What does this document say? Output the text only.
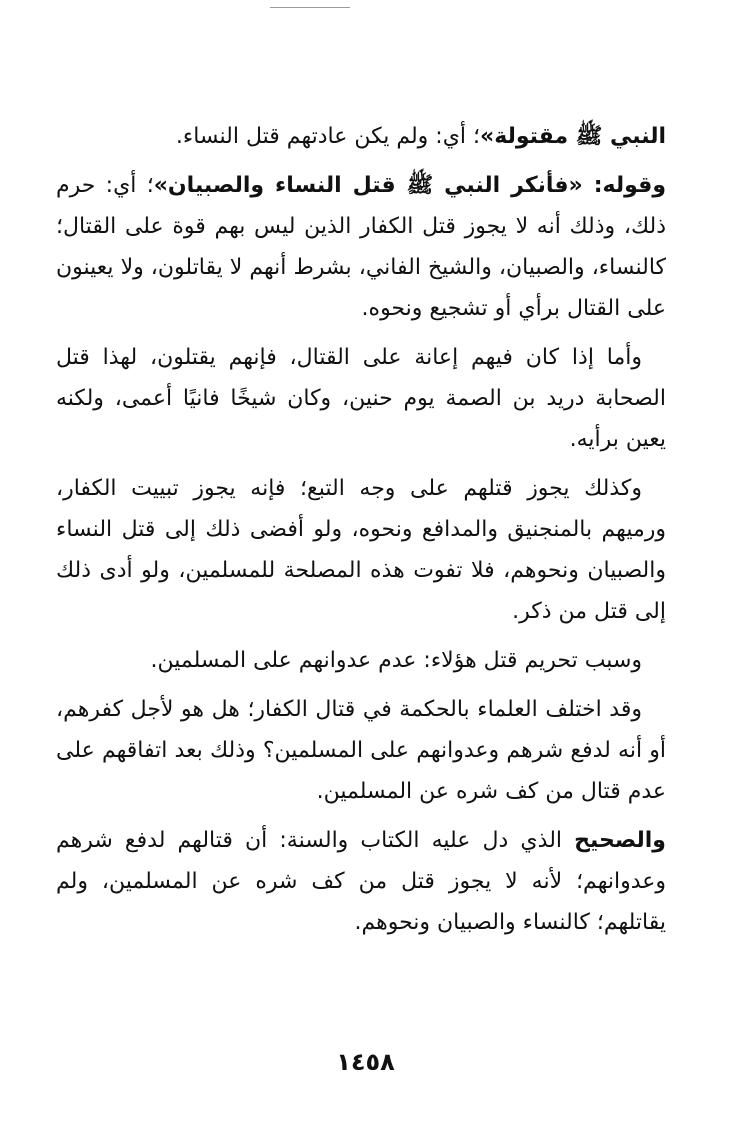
النبي ﷺ مقتولة»؛ أي: ولم يكن عادتهم قتل النساء.

وقوله: «فأنكر النبي ﷺ قتل النساء والصبيان»؛ أي: حرم ذلك، وذلك أنه لا يجوز قتل الكفار الذين ليس بهم قوة على القتال؛ كالنساء، والصبيان، والشيخ الفاني، بشرط أنهم لا يقاتلون، ولا يعينون على القتال برأي أو تشجيع ونحوه.

وأما إذا كان فيهم إعانة على القتال، فإنهم يقتلون، لهذا قتل الصحابة دريد بن الصمة يوم حنين، وكان شيخًا فانيًا أعمى، ولكنه يعين برأيه.

وكذلك يجوز قتلهم على وجه التبع؛ فإنه يجوز تبييت الكفار، ورميهم بالمنجنيق والمدافع ونحوه، ولو أفضى ذلك إلى قتل النساء والصبيان ونحوهم، فلا تفوت هذه المصلحة للمسلمين، ولو أدى ذلك إلى قتل من ذكر.

وسبب تحريم قتل هؤلاء: عدم عدوانهم على المسلمين.

وقد اختلف العلماء بالحكمة في قتال الكفار؛ هل هو لأجل كفرهم، أو أنه لدفع شرهم وعدوانهم على المسلمين؟ وذلك بعد اتفاقهم على عدم قتال من كف شره عن المسلمين.

والصحيح الذي دل عليه الكتاب والسنة: أن قتالهم لدفع شرهم وعدوانهم؛ لأنه لا يجوز قتل من كف شره عن المسلمين، ولم يقاتلهم؛ كالنساء والصبيان ونحوهم.

١٤٥٨
